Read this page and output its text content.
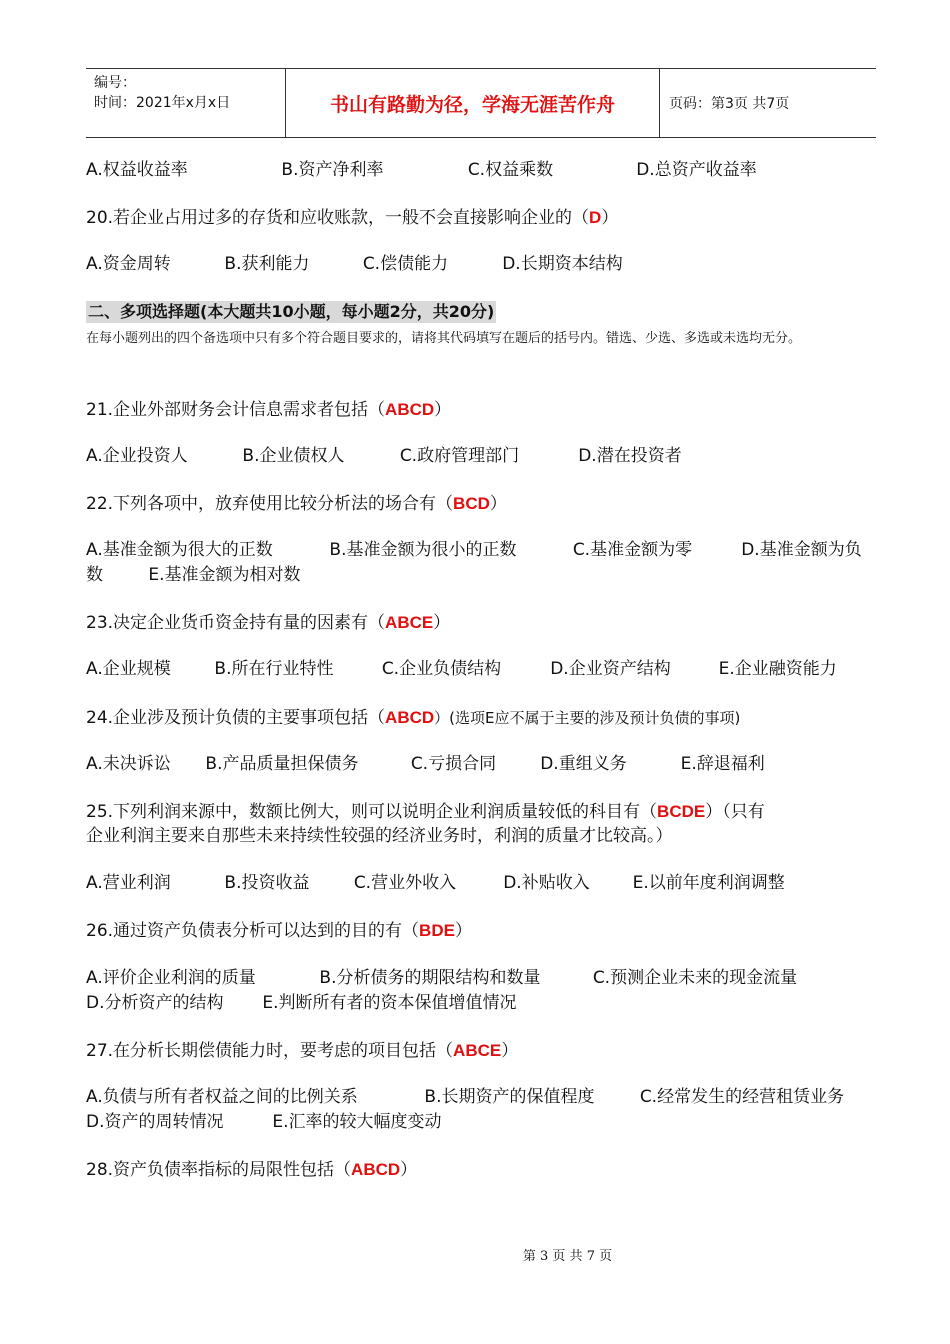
编号：
时间：2021年x月x日	书山有路勤为径，学海无涯苦作舟	页码：第3页 共7页
A.权益收益率	B.资产净利率	C.权益乘数	D.总资产收益率
20.若企业占用过多的存货和应收账款，一般不会直接影响企业的（D）
A.资金周转	B.获利能力	C.偿债能力	D.长期资本结构
二、多项选择题(本大题共10小题，每小题2分，共20分)
在每小题列出的四个备选项中只有多个符合题目要求的，请将其代码填写在题后的括号内。错选、少选、多选或未选均无分。
21.企业外部财务会计信息需求者包括（ABCD）
A.企业投资人	B.企业债权人	C.政府管理部门	D.潜在投资者
22.下列各项中，放弃使用比较分析法的场合有（BCD）
A.基准金额为很大的正数	B.基准金额为很小的正数	C.基准金额为零	D.基准金额为负
数	E.基准金额为相对数
23.决定企业货币资金持有量的因素有（ABCE）
A.企业规模	B.所在行业特性	C.企业负债结构	D.企业资产结构	E.企业融资能力
24.企业涉及预计负债的主要事项包括（ABCD）(选项E应不属于主要的涉及预计负债的事项)
A.未决诉讼 B.产品质量担保债务	C.亏损合同	D.重组义务	E.辞退福利
25.下列利润来源中，数额比例大，则可以说明企业利润质量较低的科目有（BCDE）（只有
企业利润主要来自那些未来持续性较强的经济业务时，利润的质量才比较高。）
A.营业利润	B.投资收益	C.营业外收入	D.补贴收入	E.以前年度利润调整
26.通过资产负债表分析可以达到的目的有（BDE）
A.评价企业利润的质量	B.分析债务的期限结构和数量	C.预测企业未来的现金流量
D.分析资产的结构 E.判断所有者的资本保值增值情况
27.在分析长期偿债能力时，要考虑的项目包括（ABCE）
A.负债与所有者权益之间的比例关系	B.长期资产的保值程度	C.经常发生的经营租赁业务
D.资产的周转情况	E.汇率的较大幅度变动
28.资产负债率指标的局限性包括（ABCD）
第 3 页 共 7 页
